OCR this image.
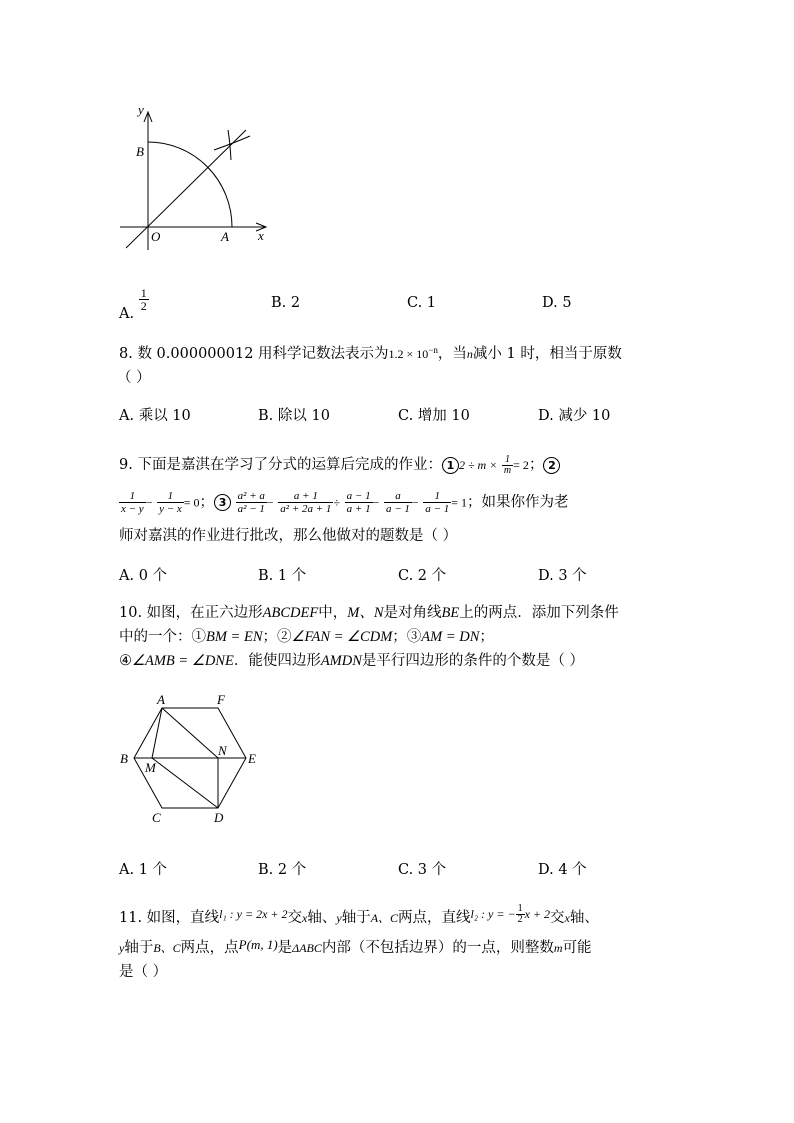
y
B
O	A x
A.
$\frac{1}{2}$	B. 2	C. 1	D. 5
8. 数 0.000000012 用科学记数法表示为$1.2 \times 10^{-n}$，当n减小 1 时，相当于原数
（ ）
A. 乘以 10	B. 除以 10	C. 增加 10	D. 减少 10
9. 下面是嘉淇在学习了分式的运算后完成的作业： 1 $2 \div m \times \frac{1}{m} = 2$； 2
$\frac{1}{x - y} - \frac{1}{y - x} = 0$； $3 \frac{\text{a² + a}}{\text{a² − 1}} - \frac{a + 1}{\text{a² + 2a + 1}} \div \frac{a - 1}{a + 1} - \frac{a}{a - 1} - \frac{1}{a - 1} = 1$；如果你作为老
师对嘉淇的作业进行批改，那么他做对的题数是（ ）
A. 0 个	B. 1 个	C. 2 个	D. 3 个
10. 如图，在正六边形ABCDEF中，M、N是对角线BE上的两点．添加下列条件
中的一个：①BM = EN；②∠FAN = ∠CDM；③AM = DN；
④∠AMB = ∠DNE．能使四边形AMDN是平行四边形的条件的个数是（ ）
A	F
B
M
N
E
C	D
A. 1 个	B. 2 个	C. 3 个	D. 4 个
11. 如图，直线$^{l_1 : y = 2x + 2}$交x轴、y轴于A、C两点，直线$^{l_2 : y = -} \frac{1}{2} ^{x + 2}$交x轴、
y轴于B、C两点，点P(m, 1)是ΔABC内部（不包括边界）的一点，则整数m可能
是（ ）
